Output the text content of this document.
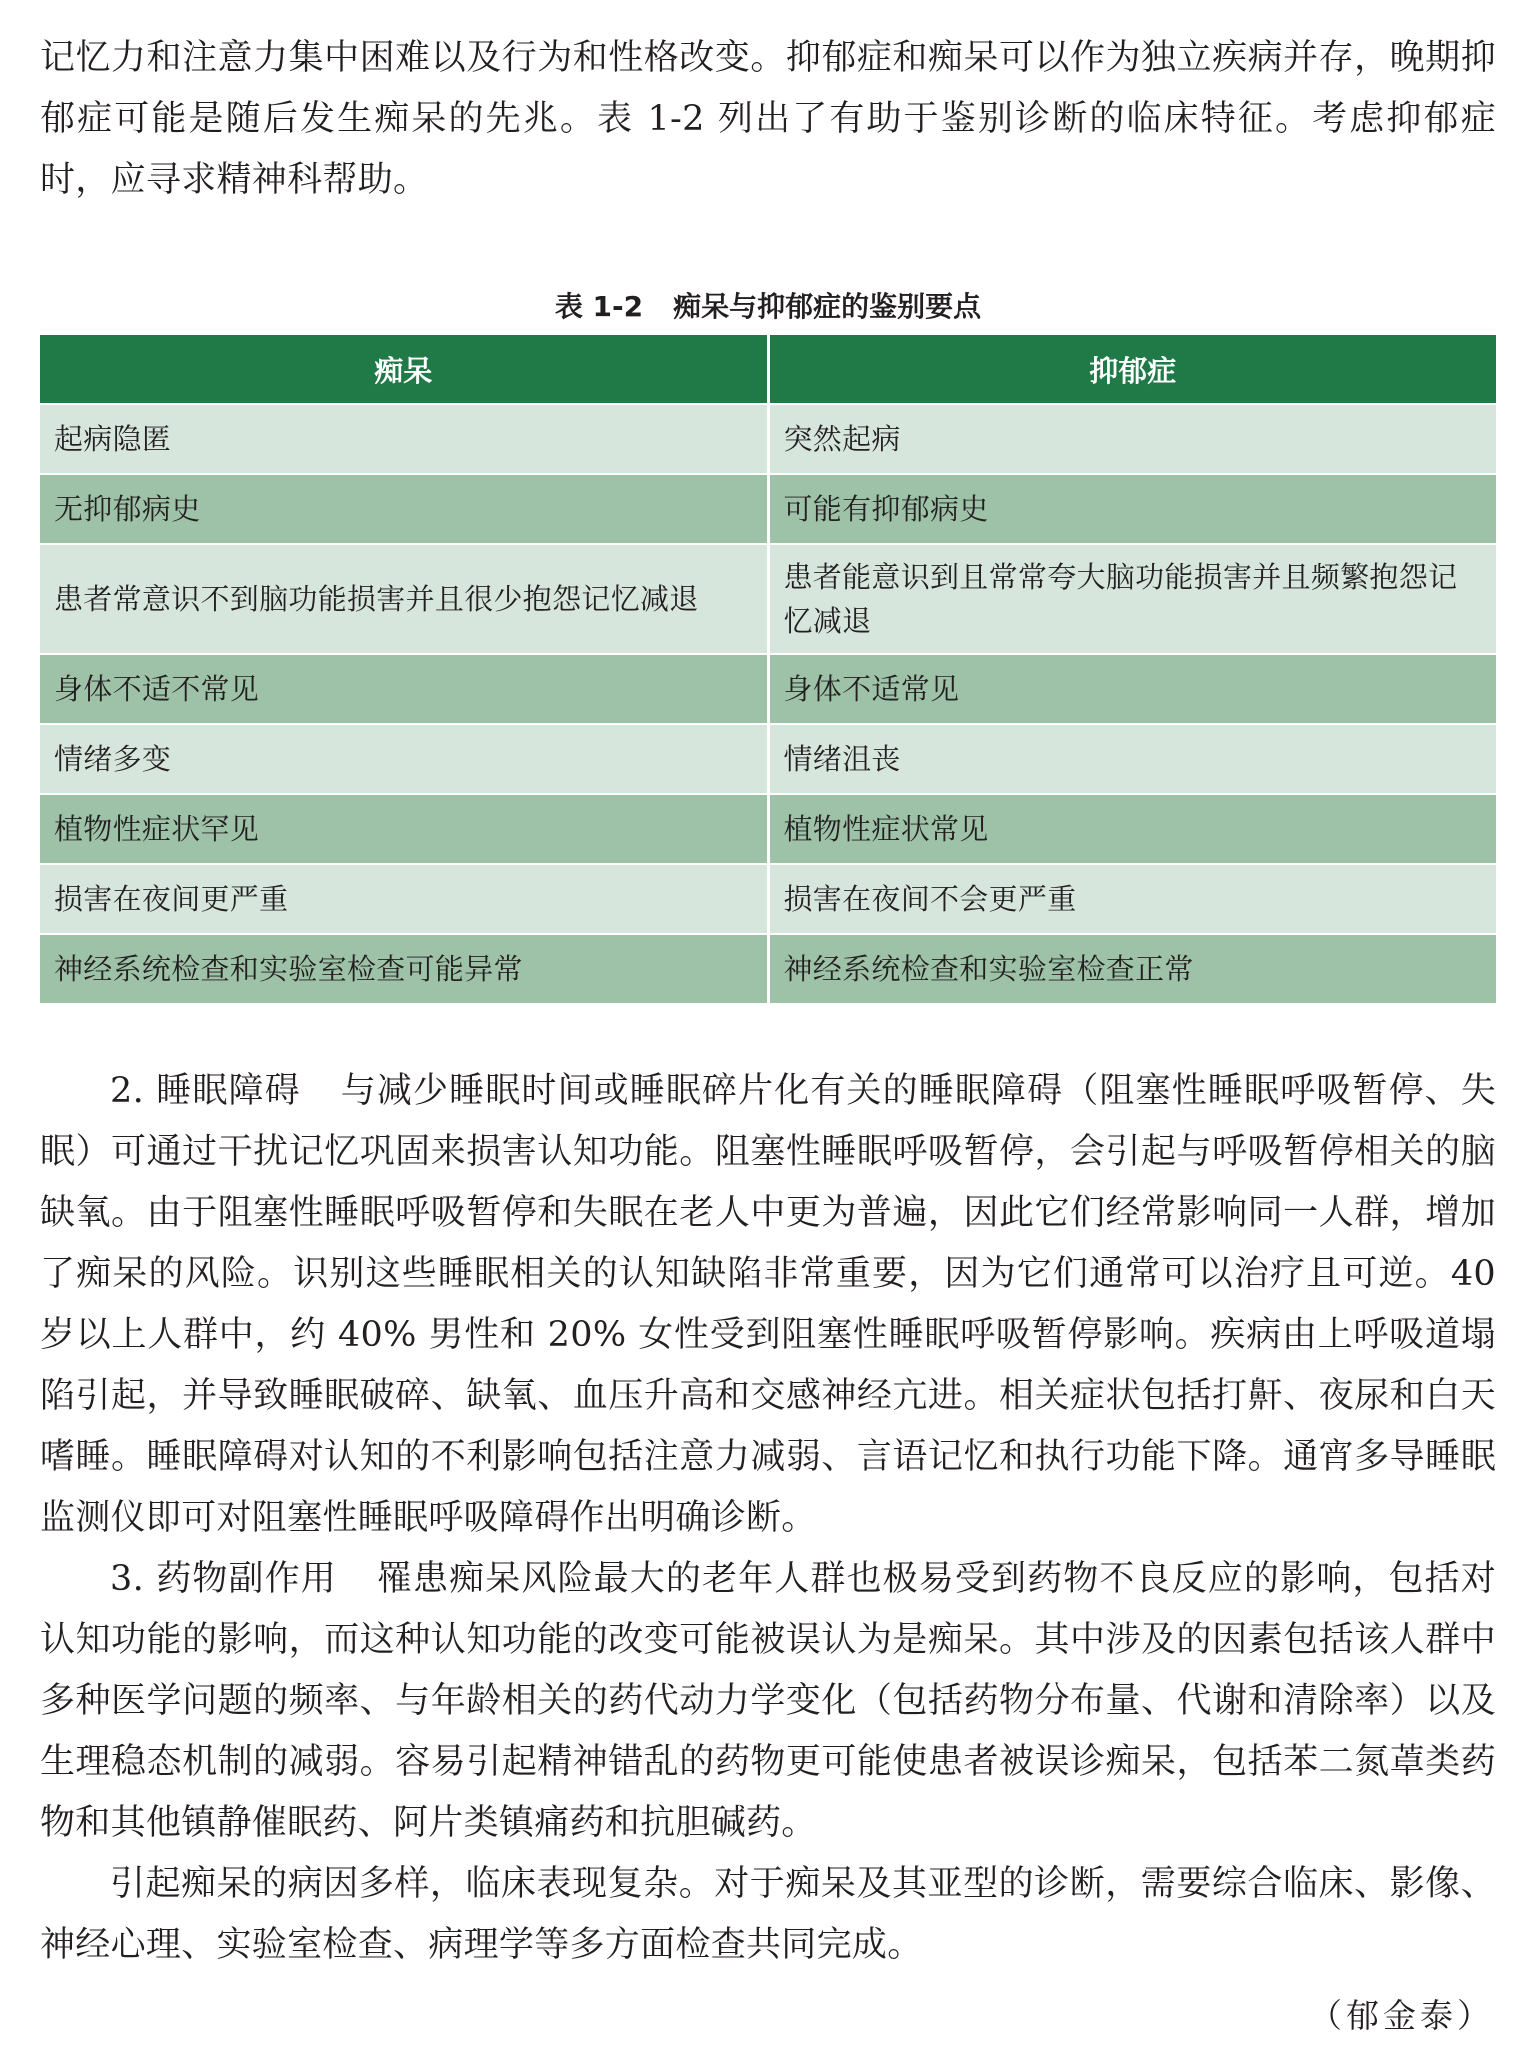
记忆力和注意力集中困难以及行为和性格改变。抑郁症和痴呆可以作为独立疾病并存，晚期抑郁症可能是随后发生痴呆的先兆。表 1-2 列出了有助于鉴别诊断的临床特征。考虑抑郁症时，应寻求精神科帮助。

表 1-2 痴呆与抑郁症的鉴别要点
痴呆	抑郁症
起病隐匿	突然起病
无抑郁病史	可能有抑郁病史
患者常意识不到脑功能损害并且很少抱怨记忆减退	患者能意识到且常常夸大脑功能损害并且频繁抱怨记忆减退
身体不适不常见	身体不适常见
情绪多变	情绪沮丧
植物性症状罕见	植物性症状常见
损害在夜间更严重	损害在夜间不会更严重
神经系统检查和实验室检查可能异常	神经系统检查和实验室检查正常

2. 睡眠障碍 与减少睡眠时间或睡眠碎片化有关的睡眠障碍（阻塞性睡眠呼吸暂停、失眠）可通过干扰记忆巩固来损害认知功能。阻塞性睡眠呼吸暂停，会引起与呼吸暂停相关的脑缺氧。由于阻塞性睡眠呼吸暂停和失眠在老人中更为普遍，因此它们经常影响同一人群，增加了痴呆的风险。识别这些睡眠相关的认知缺陷非常重要，因为它们通常可以治疗且可逆。40 岁以上人群中，约 40% 男性和 20% 女性受到阻塞性睡眠呼吸暂停影响。疾病由上呼吸道塌陷引起，并导致睡眠破碎、缺氧、血压升高和交感神经亢进。相关症状包括打鼾、夜尿和白天嗜睡。睡眠障碍对认知的不利影响包括注意力减弱、言语记忆和执行功能下降。通宵多导睡眠监测仪即可对阻塞性睡眠呼吸障碍作出明确诊断。

3. 药物副作用 罹患痴呆风险最大的老年人群也极易受到药物不良反应的影响，包括对认知功能的影响，而这种认知功能的改变可能被误认为是痴呆。其中涉及的因素包括该人群中多种医学问题的频率、与年龄相关的药代动力学变化（包括药物分布量、代谢和清除率）以及生理稳态机制的减弱。容易引起精神错乱的药物更可能使患者被误诊痴呆，包括苯二氮䓬类药物和其他镇静催眠药、阿片类镇痛药和抗胆碱药。

引起痴呆的病因多样，临床表现复杂。对于痴呆及其亚型的诊断，需要综合临床、影像、神经心理、实验室检查、病理学等多方面检查共同完成。

（郁金泰）
